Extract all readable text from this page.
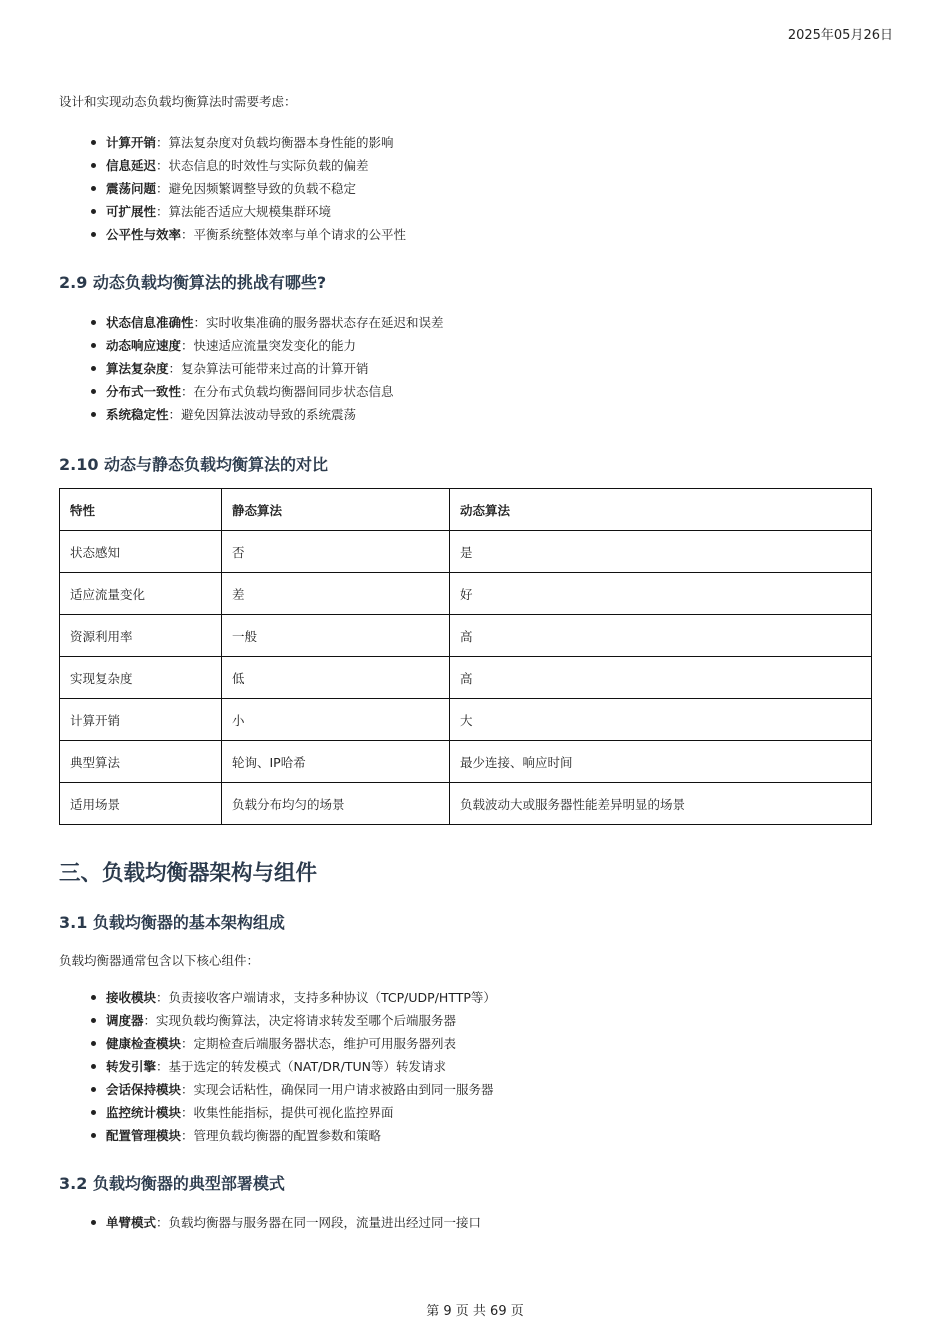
2025年05月26日

设计和实现动态负载均衡算法时需要考虑：

计算开销：算法复杂度对负载均衡器本身性能的影响
信息延迟：状态信息的时效性与实际负载的偏差
震荡问题：避免因频繁调整导致的负载不稳定
可扩展性：算法能否适应大规模集群环境
公平性与效率：平衡系统整体效率与单个请求的公平性
2.9 动态负载均衡算法的挑战有哪些?
状态信息准确性：实时收集准确的服务器状态存在延迟和误差
动态响应速度：快速适应流量突发变化的能力
算法复杂度：复杂算法可能带来过高的计算开销
分布式一致性：在分布式负载均衡器间同步状态信息
系统稳定性：避免因算法波动导致的系统震荡
2.10 动态与静态负载均衡算法的对比
特性	静态算法	动态算法
状态感知	否	是
适应流量变化	差	好
资源利用率	一般	高
实现复杂度	低	高
计算开销	小	大
典型算法	轮询、IP哈希	最少连接、响应时间
适用场景	负载分布均匀的场景	负载波动大或服务器性能差异明显的场景
三、负载均衡器架构与组件
3.1 负载均衡器的基本架构组成

负载均衡器通常包含以下核心组件：

接收模块：负责接收客户端请求，支持多种协议（TCP/UDP/HTTP等）
调度器：实现负载均衡算法，决定将请求转发至哪个后端服务器
健康检查模块：定期检查后端服务器状态，维护可用服务器列表
转发引擎：基于选定的转发模式（NAT/DR/TUN等）转发请求
会话保持模块：实现会话粘性，确保同一用户请求被路由到同一服务器
监控统计模块：收集性能指标，提供可视化监控界面
配置管理模块：管理负载均衡器的配置参数和策略
3.2 负载均衡器的典型部署模式
单臂模式：负载均衡器与服务器在同一网段，流量进出经过同一接口
第 9 页 共 69 页
